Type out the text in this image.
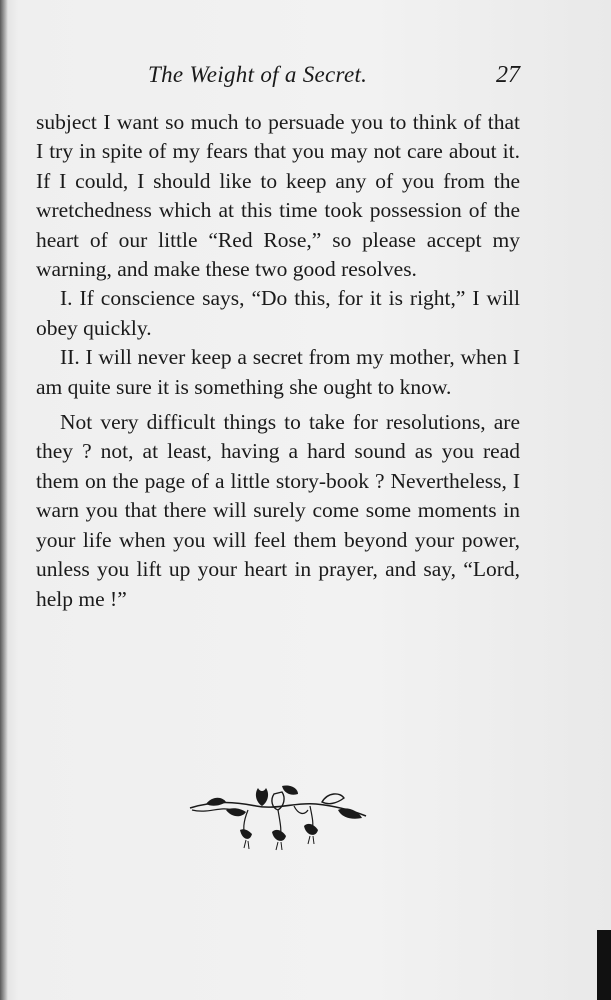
The Weight of a Secret.	27

subject I want so much to persuade you to think of that I try in spite of my fears that you may not care about it. If I could, I should like to keep any of you from the wretchedness which at this time took possession of the heart of our little “Red Rose,” so please accept my warning, and make these two good resolves.

I. If conscience says, “Do this, for it is right,” I will obey quickly.

II. I will never keep a secret from my mother, when I am quite sure it is something she ought to know.

Not very difficult things to take for resolutions, are they ? not, at least, having a hard sound as you read them on the page of a little story-book ? Nevertheless, I warn you that there will surely come some moments in your life when you will feel them beyond your power, unless you lift up your heart in prayer, and say, “Lord, help me !”
